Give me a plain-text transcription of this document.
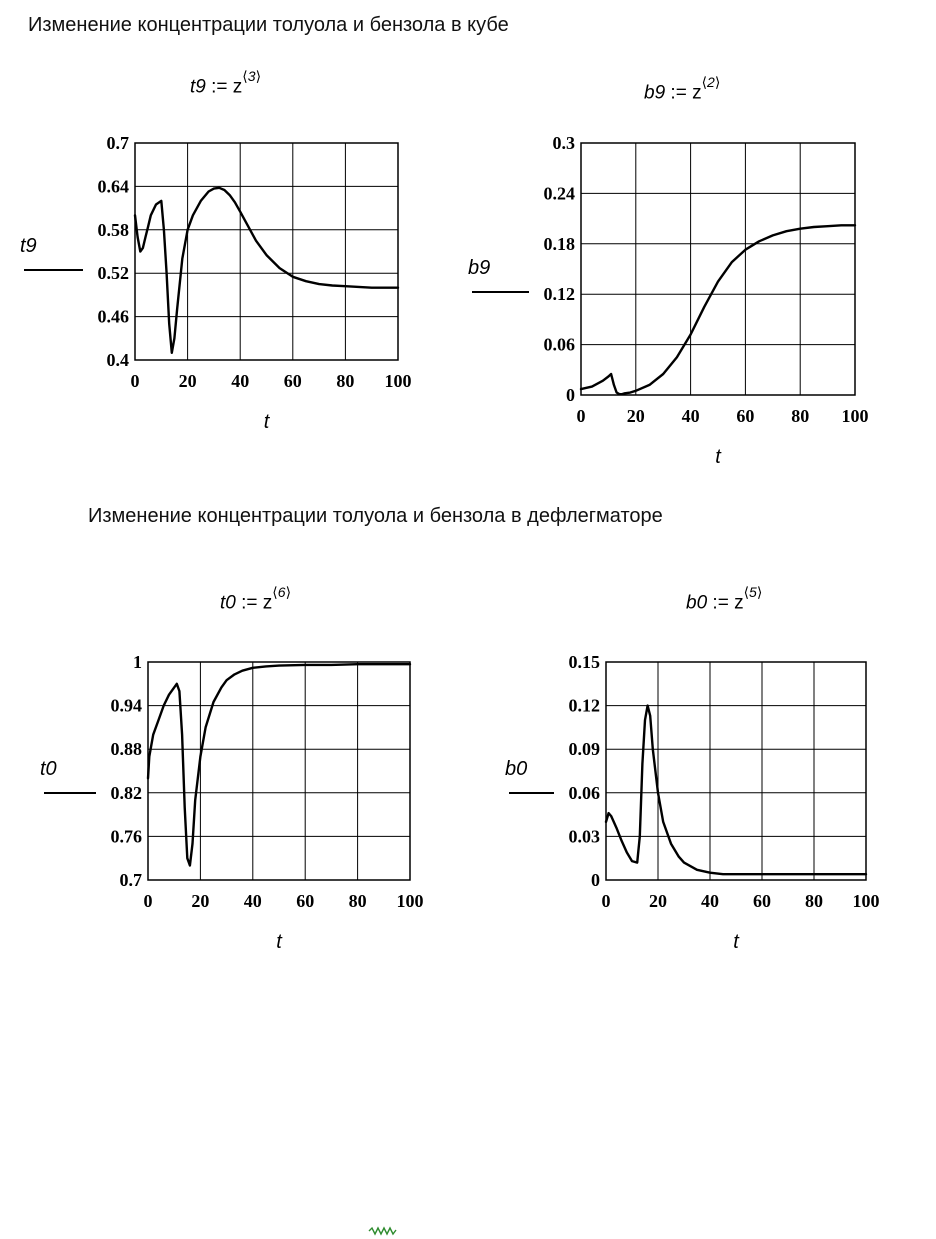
Изменение концентрации толуола и бензола в кубе
Изменение концентрации толуола и бензола в дефлегматоре
t9 := $z^{⟨3⟩}$
b9 := $z^{⟨2⟩}$
t0 := $z^{⟨6⟩}$
b0 := $z^{⟨5⟩}$
0 20 40 60 80 100
0.4
0.46
0.52
0.58
0.64
0.7
t9
t	0 20 40 60 80 100
0
0.06
0.12
0.18
0.24
0.3
b9
t
0 20 40 60 80 100
0.7
0.76
0.82
0.88
0.94
1
t0
t
0 20 40 60 80 100
0
0.03
0.06
0.09
0.12
0.15
b0
t
